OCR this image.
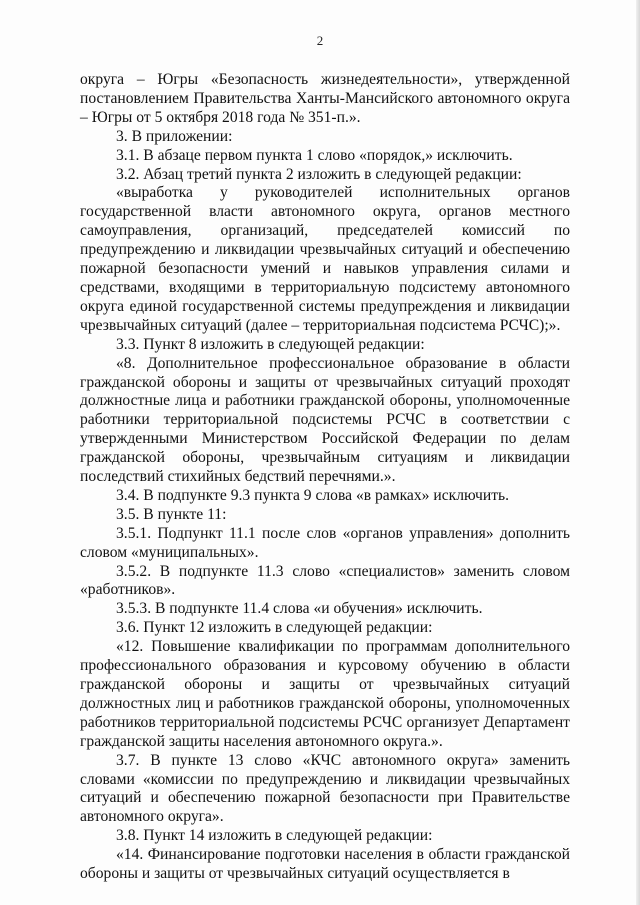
2

округа – Югры «Безопасность жизнедеятельности», утвержденной постановлением Правительства Ханты-Мансийского автономного округа – Югры от 5 октября 2018 года № 351-п.».

3. В приложении:

3.1. В абзаце первом пункта 1 слово «порядок,» исключить.

3.2. Абзац третий пункта 2 изложить в следующей редакции:

«выработка у руководителей исполнительных органов государственной власти автономного округа, органов местного самоуправления, организаций, председателей комиссий по предупреждению и ликвидации чрезвычайных ситуаций и обеспечению пожарной безопасности умений и навыков управления силами и средствами, входящими в территориальную подсистему автономного округа единой государственной системы предупреждения и ликвидации чрезвычайных ситуаций (далее – территориальная подсистема РСЧС);».

3.3. Пункт 8 изложить в следующей редакции:

«8. Дополнительное профессиональное образование в области гражданской обороны и защиты от чрезвычайных ситуаций проходят должностные лица и работники гражданской обороны, уполномоченные работники территориальной подсистемы РСЧС в соответствии с утвержденными Министерством Российской Федерации по делам гражданской обороны, чрезвычайным ситуациям и ликвидации последствий стихийных бедствий перечнями.».

3.4. В подпункте 9.3 пункта 9 слова «в рамках» исключить.

3.5. В пункте 11:

3.5.1. Подпункт 11.1 после слов «органов управления» дополнить словом «муниципальных».

3.5.2. В подпункте 11.3 слово «специалистов» заменить словом «работников».

3.5.3. В подпункте 11.4 слова «и обучения» исключить.

3.6. Пункт 12 изложить в следующей редакции:

«12. Повышение квалификации по программам дополнительного профессионального образования и курсовому обучению в области гражданской обороны и защиты от чрезвычайных ситуаций должностных лиц и работников гражданской обороны, уполномоченных работников территориальной подсистемы РСЧС организует Департамент гражданской защиты населения автономного округа.».

3.7. В пункте 13 слово «КЧС автономного округа» заменить словами «комиссии по предупреждению и ликвидации чрезвычайных ситуаций и обеспечению пожарной безопасности при Правительстве автономного округа».

3.8. Пункт 14 изложить в следующей редакции:

«14. Финансирование подготовки населения в области гражданской обороны и защиты от чрезвычайных ситуаций осуществляется в
